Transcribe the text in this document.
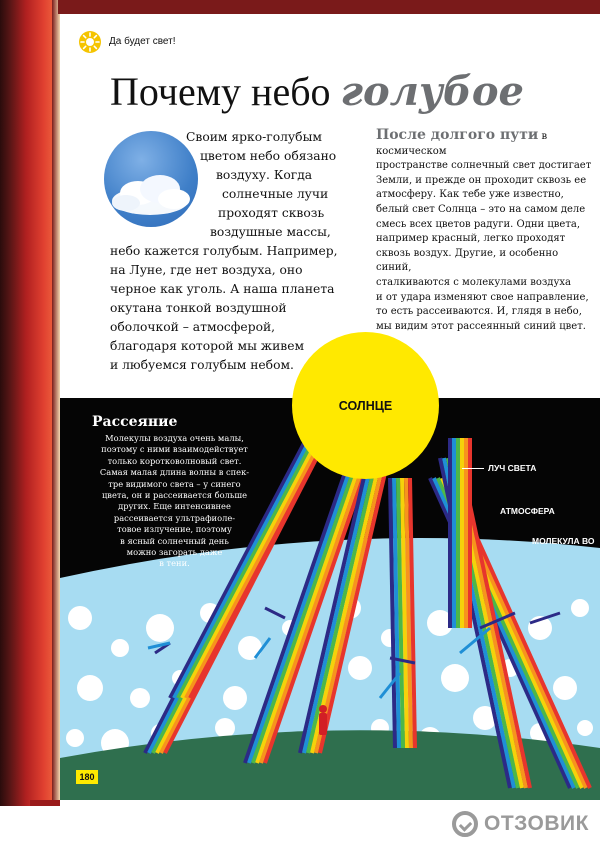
Да будет свет!
Почему небо голубое
Своим ярко-голубым
цветом небо обязано
воздуху. Когда
солнечные лучи
проходят сквозь
воздушные массы,
небо кажется голубым. Например,
на Луне, где нет воздуха, оно
черное как уголь. А наша планета
окутана тонкой воздушной
оболочкой – атмосферой,
благодаря которой мы живем
и любуемся голубым небом.
После долгого пути в космическом
пространстве солнечный свет достигает
Земли, и прежде он проходит сквозь ее
атмосферу. Как тебе уже известно,
белый свет Солнца – это на самом деле
смесь всех цветов радуги. Одни цвета,
например красный, легко проходят
сквозь воздух. Другие, и особенно синий,
сталкиваются с молекулами воздуха
и от удара изменяют свое направление,
то есть рассеиваются. И, глядя в небо,
мы видим этот рассеянный синий цвет.
Рассеяние
Молекулы воздуха очень малы,
поэтому с ними взаимодействует
только коротковолновый свет.
Самая малая длина волны в спек-
тре видимого света – у синего
цвета, он и рассеивается больше
других. Еще интенсивнее
рассеивается ультрафиоле-
товое излучение, поэтому
в ясный солнечный день
можно загорать даже
в тени.
СОЛНЦЕ
ЛУЧ СВЕТА
АТМОСФЕРА
МОЛЕКУЛА ВО
180
ОТЗОВИК
